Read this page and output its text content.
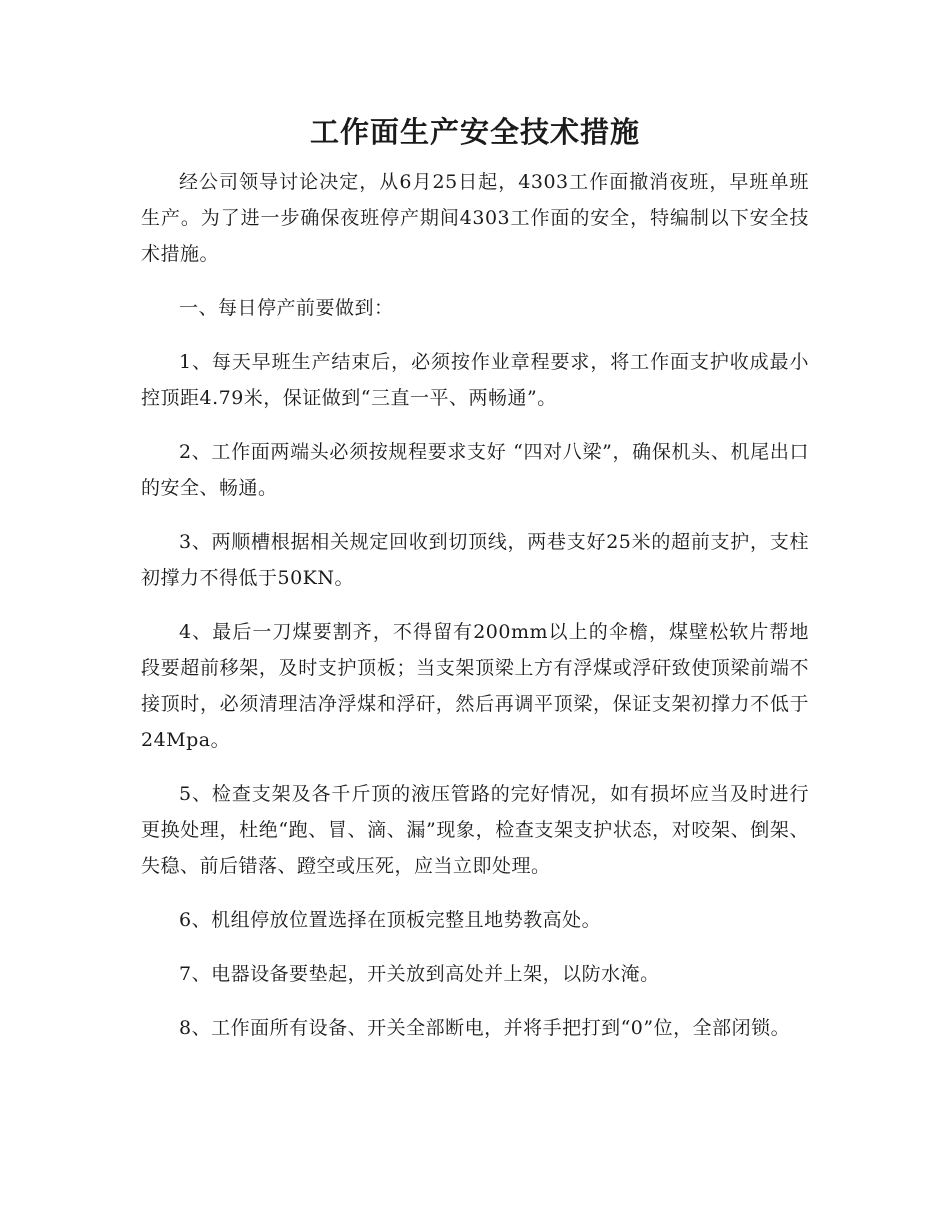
工作面生产安全技术措施

经公司领导讨论决定，从6月25日起，4303工作面撤消夜班，早班单班生产。为了进一步确保夜班停产期间4303工作面的安全，特编制以下安全技术措施。

一、每日停产前要做到：

1、每天早班生产结束后，必须按作业章程要求，将工作面支护收成最小控顶距4.79米，保证做到“三直一平、两畅通”。

2、工作面两端头必须按规程要求支好 “四对八梁”，确保机头、机尾出口的安全、畅通。

3、两顺槽根据相关规定回收到切顶线，两巷支好25米的超前支护，支柱初撑力不得低于50KN。

4、最后一刀煤要割齐，不得留有200mm以上的伞檐，煤壁松软片帮地段要超前移架，及时支护顶板；当支架顶梁上方有浮煤或浮矸致使顶梁前端不接顶时，必须清理洁净浮煤和浮矸，然后再调平顶梁，保证支架初撑力不低于24Mpa。

5、检查支架及各千斤顶的液压管路的完好情况，如有损坏应当及时进行更换处理，杜绝“跑、冒、滴、漏”现象，检查支架支护状态，对咬架、倒架、失稳、前后错落、蹬空或压死，应当立即处理。

6、机组停放位置选择在顶板完整且地势教高处。

7、电器设备要垫起，开关放到高处并上架，以防水淹。

8、工作面所有设备、开关全部断电，并将手把打到“0”位，全部闭锁。
